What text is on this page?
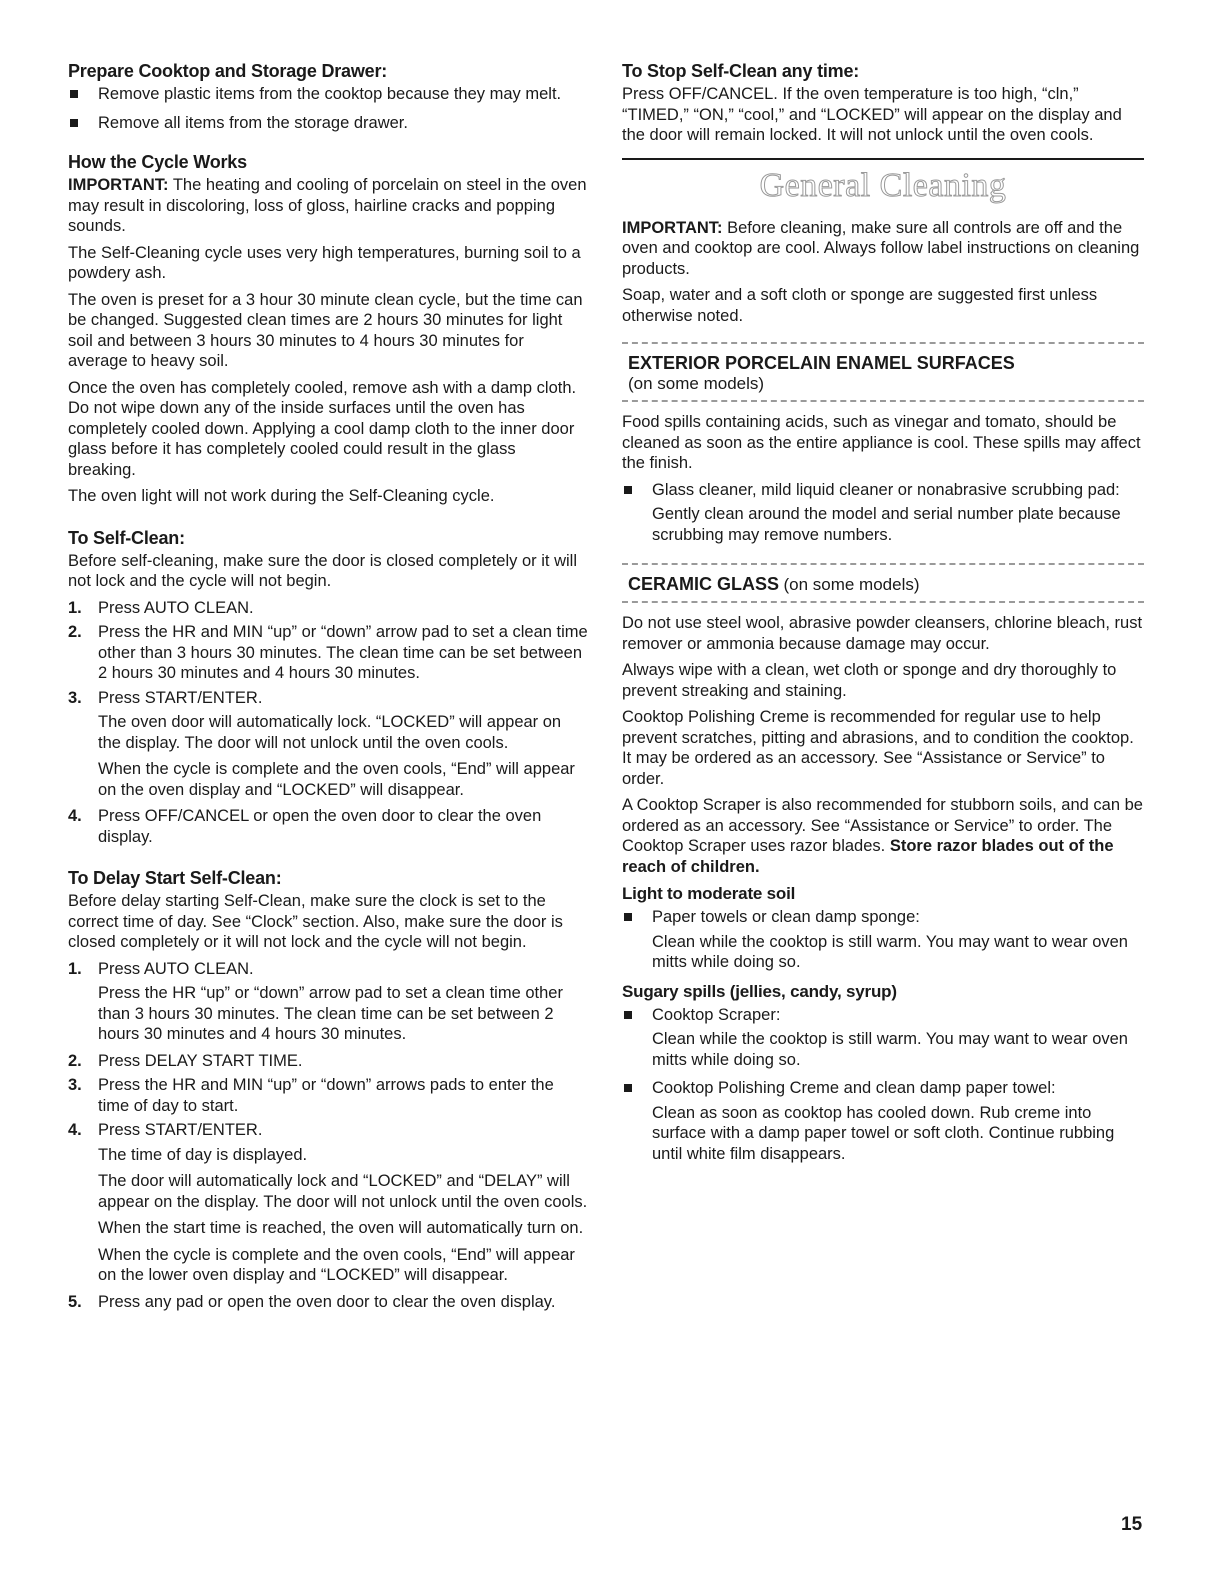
Prepare Cooktop and Storage Drawer:
Remove plastic items from the cooktop because they may melt.
Remove all items from the storage drawer.
How the Cycle Works

IMPORTANT: The heating and cooling of porcelain on steel in the oven may result in discoloring, loss of gloss, hairline cracks and popping sounds.

The Self-Cleaning cycle uses very high temperatures, burning soil to a powdery ash.

The oven is preset for a 3 hour 30 minute clean cycle, but the time can be changed. Suggested clean times are 2 hours 30 minutes for light soil and between 3 hours 30 minutes to 4 hours 30 minutes for average to heavy soil.

Once the oven has completely cooled, remove ash with a damp cloth. Do not wipe down any of the inside surfaces until the oven has completely cooled down. Applying a cool damp cloth to the inner door glass before it has completely cooled could result in the glass breaking.

The oven light will not work during the Self-Cleaning cycle.

To Self-Clean:

Before self-cleaning, make sure the door is closed completely or it will not lock and the cycle will not begin.

1. Press AUTO CLEAN.
2. Press the HR and MIN “up” or “down” arrow pad to set a clean time other than 3 hours 30 minutes. The clean time can be set between 2 hours 30 minutes and 4 hours 30 minutes.
3. Press START/ENTER.

The oven door will automatically lock. “LOCKED” will appear on the display. The door will not unlock until the oven cools.

When the cycle is complete and the oven cools, “End” will appear on the oven display and “LOCKED” will disappear.

4. Press OFF/CANCEL or open the oven door to clear the oven display.
To Delay Start Self-Clean:

Before delay starting Self-Clean, make sure the clock is set to the correct time of day. See “Clock” section. Also, make sure the door is closed completely or it will not lock and the cycle will not begin.

1. Press AUTO CLEAN.

Press the HR “up” or “down” arrow pad to set a clean time other than 3 hours 30 minutes. The clean time can be set between 2 hours 30 minutes and 4 hours 30 minutes.

2. Press DELAY START TIME.
3. Press the HR and MIN “up” or “down” arrows pads to enter the time of day to start.
4. Press START/ENTER.

The time of day is displayed.

The door will automatically lock and “LOCKED” and “DELAY” will appear on the display. The door will not unlock until the oven cools.

When the start time is reached, the oven will automatically turn on.

When the cycle is complete and the oven cools, “End” will appear on the lower oven display and “LOCKED” will disappear.

5. Press any pad or open the oven door to clear the oven display.
To Stop Self-Clean any time:

Press OFF/CANCEL. If the oven temperature is too high, “cln,” “TIMED,” “ON,” “cool,” and “LOCKED” will appear on the display and the door will remain locked. It will not unlock until the oven cools.

General Cleaning

IMPORTANT: Before cleaning, make sure all controls are off and the oven and cooktop are cool. Always follow label instructions on cleaning products.

Soap, water and a soft cloth or sponge are suggested first unless otherwise noted.

EXTERIOR PORCELAIN ENAMEL SURFACES
(on some models)

Food spills containing acids, such as vinegar and tomato, should be cleaned as soon as the entire appliance is cool. These spills may affect the finish.

Glass cleaner, mild liquid cleaner or nonabrasive scrubbing pad:

Gently clean around the model and serial number plate because scrubbing may remove numbers.

CERAMIC GLASS (on some models)

Do not use steel wool, abrasive powder cleansers, chlorine bleach, rust remover or ammonia because damage may occur.

Always wipe with a clean, wet cloth or sponge and dry thoroughly to prevent streaking and staining.

Cooktop Polishing Creme is recommended for regular use to help prevent scratches, pitting and abrasions, and to condition the cooktop. It may be ordered as an accessory. See “Assistance or Service” to order.

A Cooktop Scraper is also recommended for stubborn soils, and can be ordered as an accessory. See “Assistance or Service” to order. The Cooktop Scraper uses razor blades. Store razor blades out of the reach of children.

Light to moderate soil
Paper towels or clean damp sponge:

Clean while the cooktop is still warm. You may want to wear oven mitts while doing so.

Sugary spills (jellies, candy, syrup)
Cooktop Scraper:

Clean while the cooktop is still warm. You may want to wear oven mitts while doing so.

Cooktop Polishing Creme and clean damp paper towel:

Clean as soon as cooktop has cooled down. Rub creme into surface with a damp paper towel or soft cloth. Continue rubbing until white film disappears.

15
